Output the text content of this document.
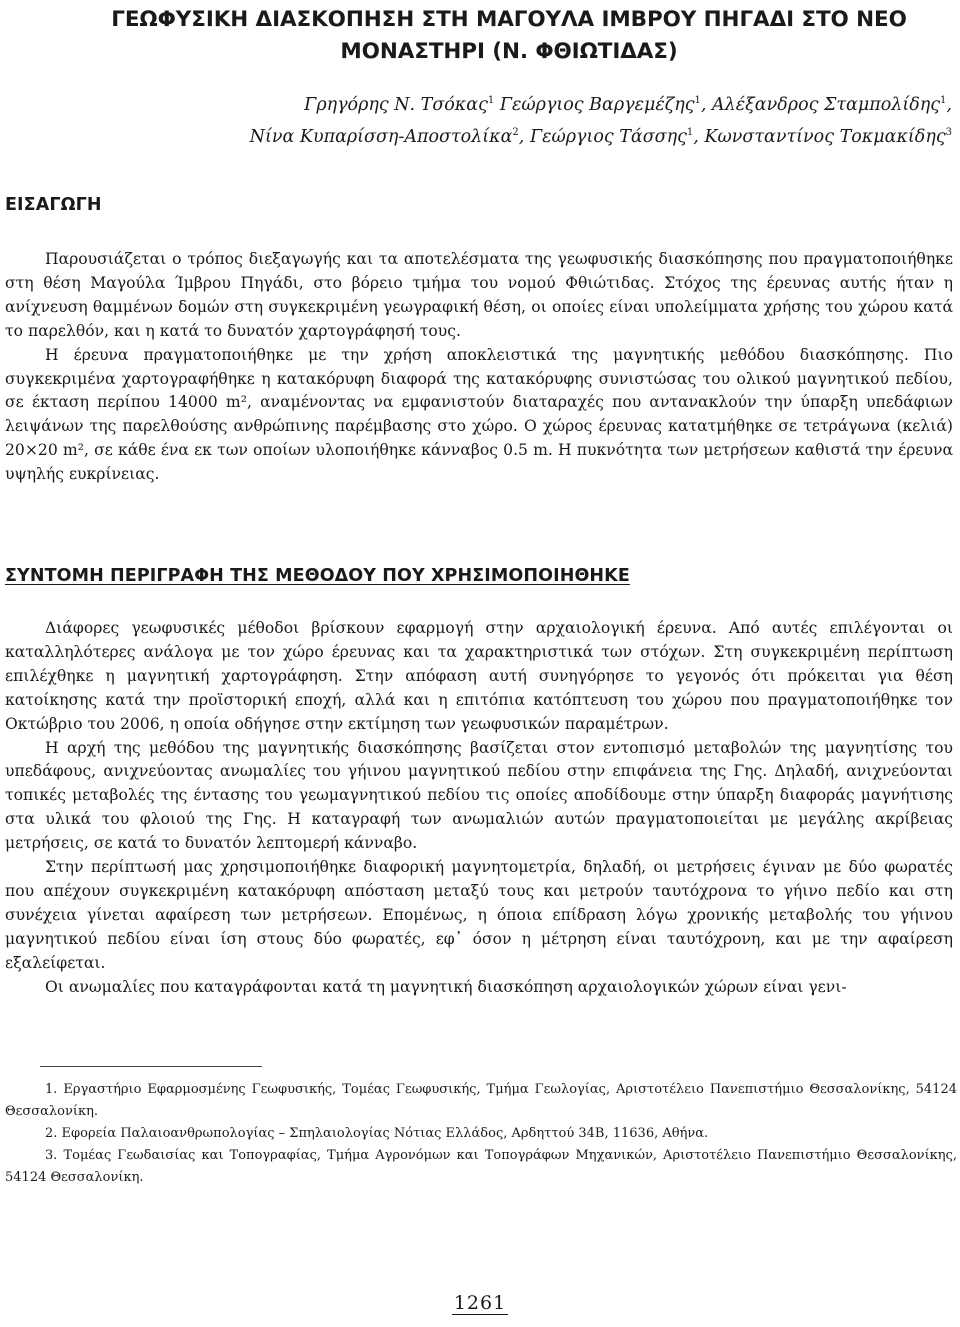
ΓΕΩΦΥΣΙΚΗ ΔΙΑΣΚΟΠΗΣΗ ΣΤΗ ΜΑΓΟΥΛΑ ΙΜΒΡΟΥ ΠΗΓΑΔΙ ΣΤΟ ΝΕΟ ΜΟΝΑΣΤΗΡΙ (Ν. ΦΘΙΩΤΙΔΑΣ)
Γρηγόρης Ν. Τσόκας$^1$ Γεώργιος Βαργεμέζης$^1$, Αλέξανδρος Σταμπολίδης$^1$,
Νίνα Κυπαρίσση-Αποστολίκα$^2$, Γεώργιος Τάσσης$^1$, Κωνσταντίνος Τοκμακίδης$^3$
ΕΙΣΑΓΩΓΗ

Παρουσιάζεται ο τρόπος διεξαγωγής και τα αποτελέσματα της γεωφυσικής διασκόπησης που πραγματοποιήθηκε στη θέση Μαγούλα Ίμβρου Πηγάδι, στο βόρειο τμήμα του νομού Φθιώτιδας. Στόχος της έρευνας αυτής ήταν η ανίχνευση θαμμένων δομών στη συγκεκριμένη γεωγραφική θέση, οι οποίες είναι υπολείμματα χρήσης του χώρου κατά το παρελθόν, και η κατά το δυνατόν χαρτογράφησή τους.

Η έρευνα πραγματοποιήθηκε με την χρήση αποκλειστικά της μαγνητικής μεθόδου διασκόπησης. Πιο συγκεκριμένα χαρτογραφήθηκε η κατακόρυφη διαφορά της κατακόρυφης συνιστώσας του ολικού μαγνητικού πεδίου, σε έκταση περίπου 14000 m², αναμένοντας να εμφανιστούν διαταραχές που αντανακλούν την ύπαρξη υπεδάφιων λειψάνων της παρελθούσης ανθρώπινης παρέμβασης στο χώρο. Ο χώρος έρευνας κατατμήθηκε σε τετράγωνα (κελιά) 20×20 m², σε κάθε ένα εκ των οποίων υλοποιήθηκε κάνναβος 0.5 m. Η πυκνότητα των μετρήσεων καθιστά την έρευνα υψηλής ευκρίνειας.

ΣΥΝΤΟΜΗ ΠΕΡΙΓΡΑΦΗ ΤΗΣ ΜΕΘΟΔΟΥ ΠΟΥ ΧΡΗΣΙΜΟΠΟΙΗΘΗΚΕ

Διάφορες γεωφυσικές μέθοδοι βρίσκουν εφαρμογή στην αρχαιολογική έρευνα. Από αυτές επιλέγονται οι καταλληλότερες ανάλογα με τον χώρο έρευνας και τα χαρακτηριστικά των στόχων. Στη συγκεκριμένη περίπτωση επιλέχθηκε η μαγνητική χαρτογράφηση. Στην απόφαση αυτή συνηγόρησε το γεγονός ότι πρόκειται για θέση κατοίκησης κατά την προϊστορική εποχή, αλλά και η επιτόπια κατόπτευση του χώρου που πραγματοποιήθηκε τον Οκτώβριο του 2006, η οποία οδήγησε στην εκτίμηση των γεωφυσικών παραμέτρων.

Η αρχή της μεθόδου της μαγνητικής διασκόπησης βασίζεται στον εντοπισμό μεταβολών της μαγνητίσης του υπεδάφους, ανιχνεύοντας ανωμαλίες του γήινου μαγνητικού πεδίου στην επιφάνεια της Γης. Δηλαδή, ανιχνεύονται τοπικές μεταβολές της έντασης του γεωμαγνητικού πεδίου τις οποίες αποδίδουμε στην ύπαρξη διαφοράς μαγνήτισης στα υλικά του φλοιού της Γης. Η καταγραφή των ανωμαλιών αυτών πραγματοποιείται με μεγάλης ακρίβειας μετρήσεις, σε κατά το δυνατόν λεπτομερή κάνναβο.

Στην περίπτωσή μας χρησιμοποιήθηκε διαφορική μαγνητομετρία, δηλαδή, οι μετρήσεις έγιναν με δύο φωρατές που απέχουν συγκεκριμένη κατακόρυφη απόσταση μεταξύ τους και μετρούν ταυτόχρονα το γήινο πεδίο και στη συνέχεια γίνεται αφαίρεση των μετρήσεων. Επομένως, η όποια επίδραση λόγω χρονικής μεταβολής του γήινου μαγνητικού πεδίου είναι ίση στους δύο φωρατές, εφ᾽ όσον η μέτρηση είναι ταυτόχρονη, και με την αφαίρεση εξαλείφεται.

Οι ανωμαλίες που καταγράφονται κατά τη μαγνητική διασκόπηση αρχαιολογικών χώρων είναι γενι-

1. Εργαστήριο Εφαρμοσμένης Γεωφυσικής, Τομέας Γεωφυσικής, Τμήμα Γεωλογίας, Αριστοτέλειο Πανεπιστήμιο Θεσσαλονίκης, 54124 Θεσσαλονίκη.

2. Εφορεία Παλαιοανθρωπολογίας – Σπηλαιολογίας Νότιας Ελλάδος, Αρδηττού 34Β, 11636, Αθήνα.

3. Τομέας Γεωδαισίας και Τοπογραφίας, Τμήμα Αγρονόμων και Τοπογράφων Μηχανικών, Αριστοτέλειο Πανεπιστήμιο Θεσσαλονίκης, 54124 Θεσσαλονίκη.

1261
